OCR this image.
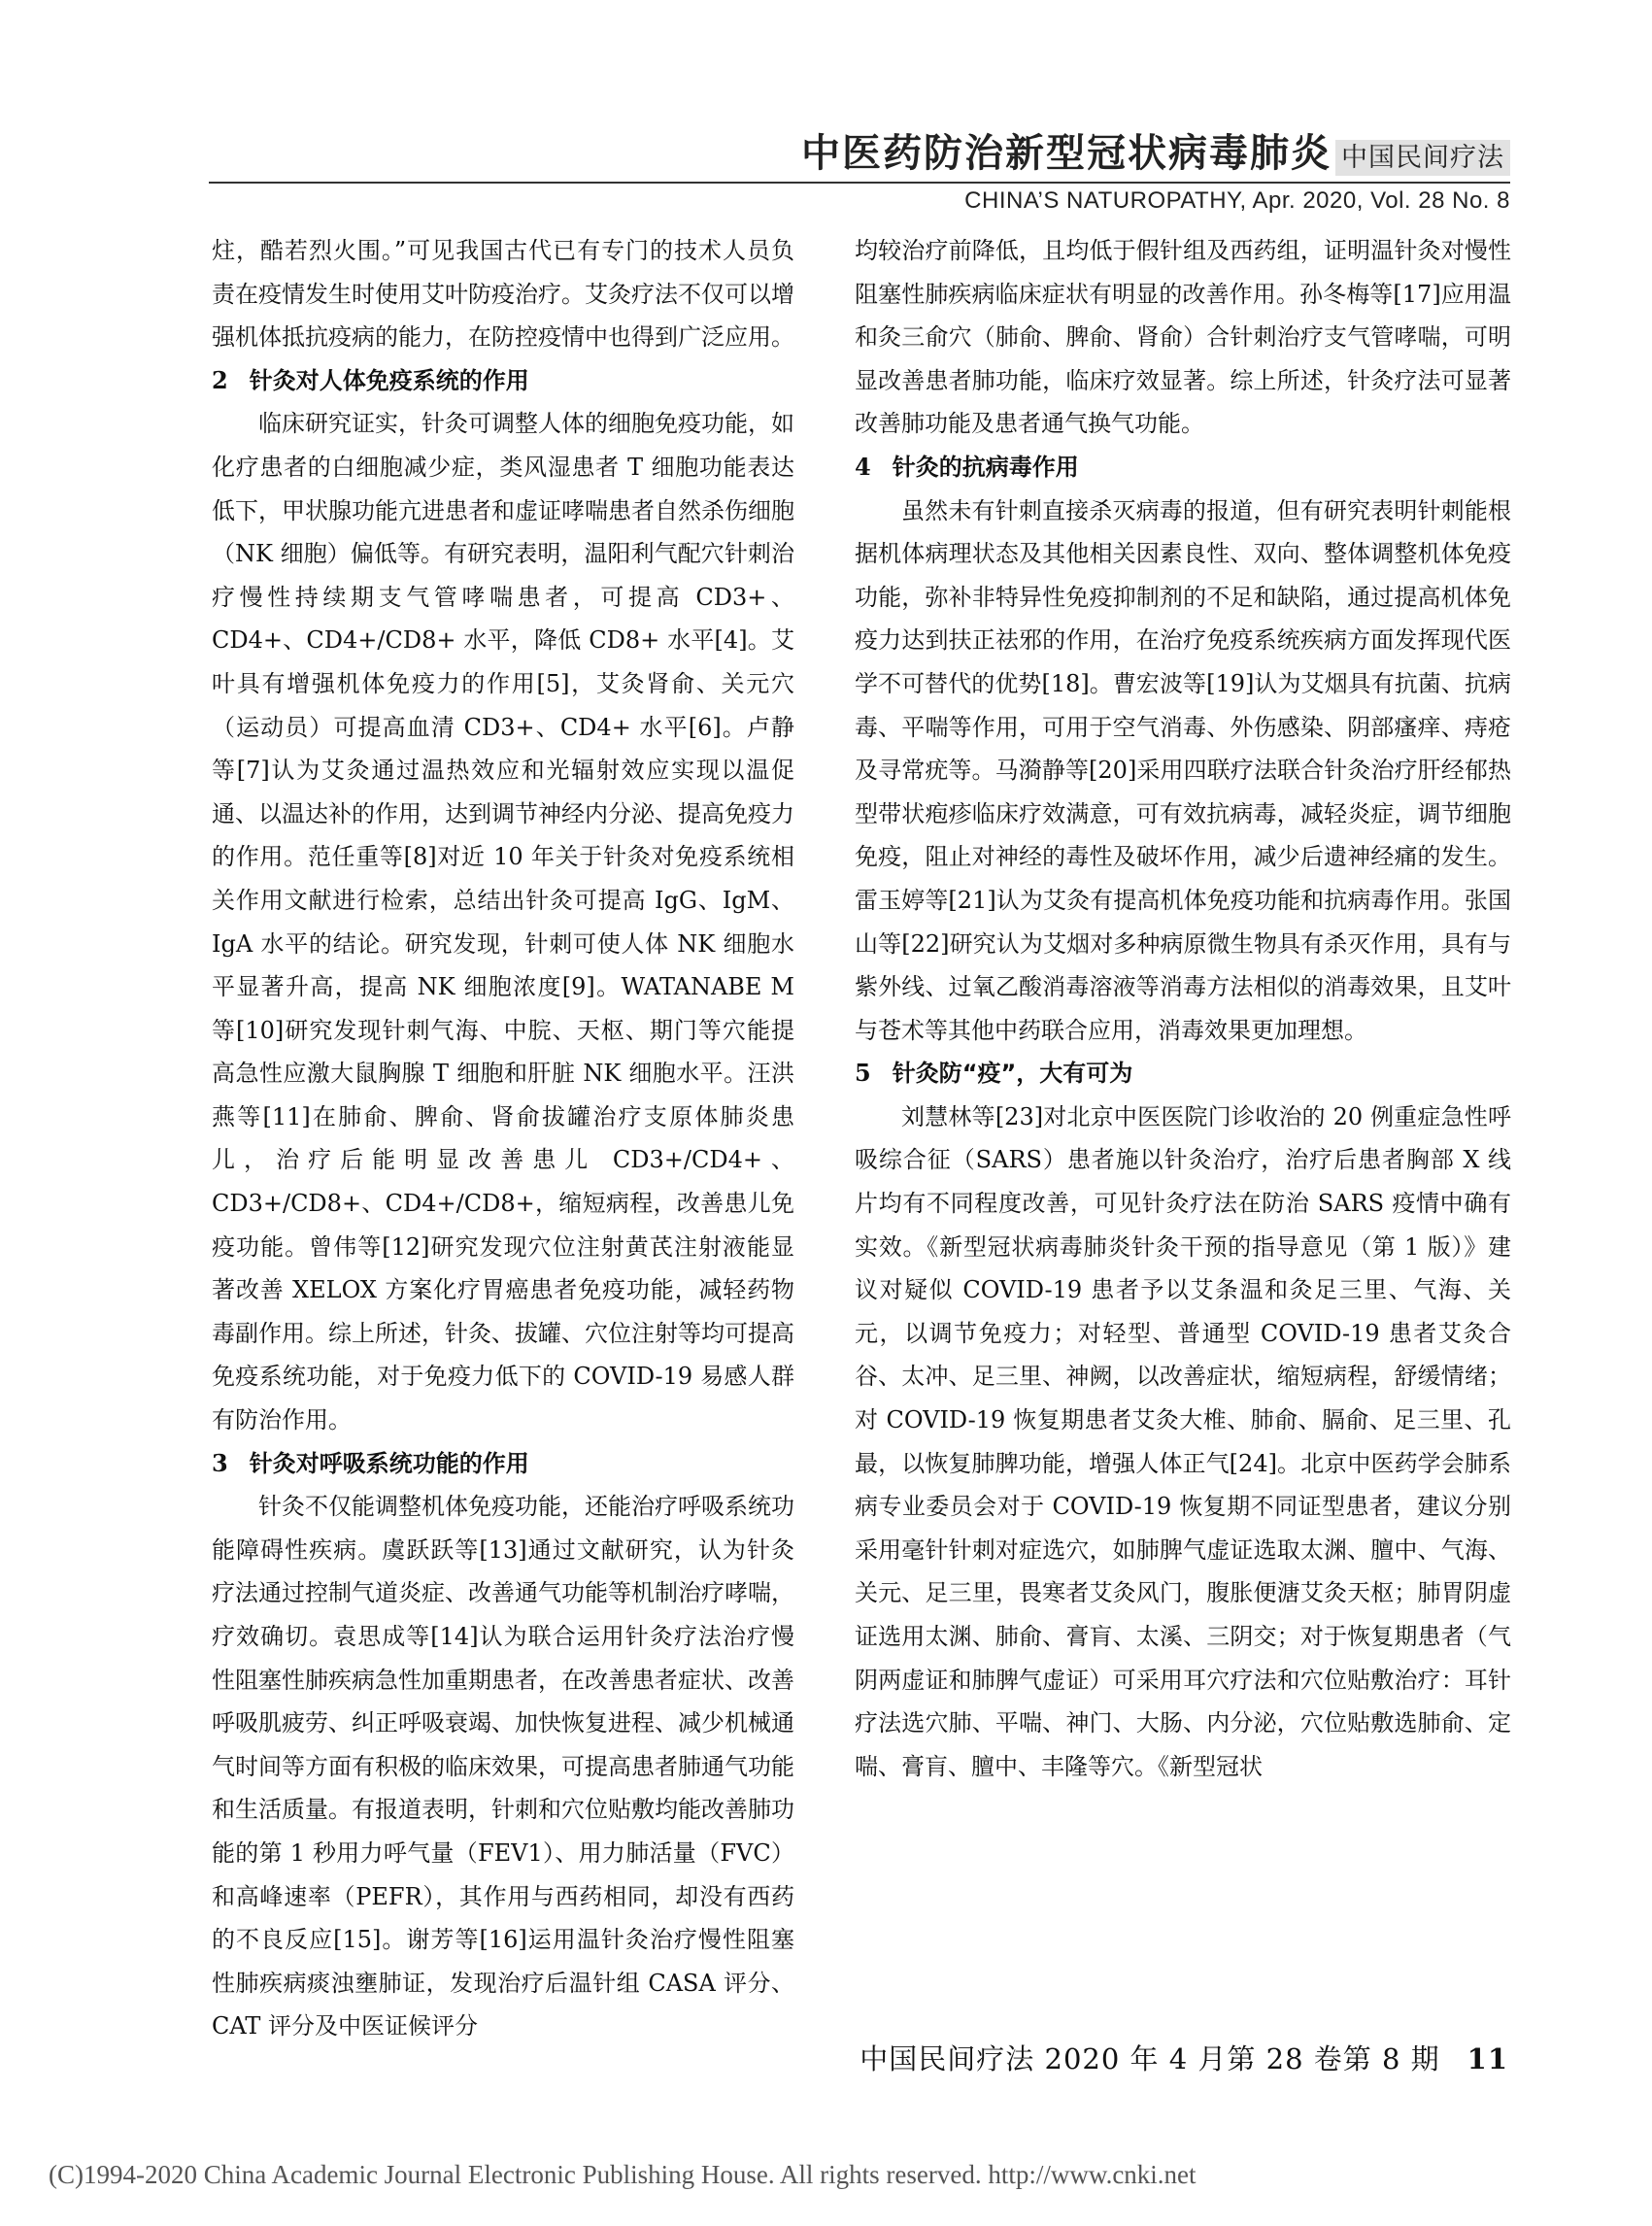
中医药防治新型冠状病毒肺炎 中国民间疗法
CHINA’S NATUROPATHY, Apr. 2020, Vol. 28 No. 8

炷，酷若烈火围。”可见我国古代已有专门的技术人员负责在疫情发生时使用艾叶防疫治疗。艾灸疗法不仅可以增强机体抵抗疫病的能力，在防控疫情中也得到广泛应用。

2 针灸对人体免疫系统的作用

临床研究证实，针灸可调整人体的细胞免疫功能，如化疗患者的白细胞减少症，类风湿患者 T 细胞功能表达低下，甲状腺功能亢进患者和虚证哮喘患者自然杀伤细胞（NK 细胞）偏低等。有研究表明，温阳利气配穴针刺治疗慢性持续期支气管哮喘患者，可提高 CD3+、CD4+、CD4+/CD8+ 水平，降低 CD8+ 水平[4]。艾叶具有增强机体免疫力的作用[5]，艾灸肾俞、关元穴（运动员）可提高血清 CD3+、CD4+ 水平[6]。卢静等[7]认为艾灸通过温热效应和光辐射效应实现以温促通、以温达补的作用，达到调节神经内分泌、提高免疫力的作用。范任重等[8]对近 10 年关于针灸对免疫系统相关作用文献进行检索，总结出针灸可提高 IgG、IgM、IgA 水平的结论。研究发现，针刺可使人体 NK 细胞水平显著升高，提高 NK 细胞浓度[9]。WATANABE M 等[10]研究发现针刺气海、中脘、天枢、期门等穴能提高急性应激大鼠胸腺 T 细胞和肝脏 NK 细胞水平。汪洪燕等[11]在肺俞、脾俞、肾俞拔罐治疗支原体肺炎患儿，治疗后能明显改善患儿 CD3+/CD4+、CD3+/CD8+、CD4+/CD8+，缩短病程，改善患儿免疫功能。曾伟等[12]研究发现穴位注射黄芪注射液能显著改善 XELOX 方案化疗胃癌患者免疫功能，减轻药物毒副作用。综上所述，针灸、拔罐、穴位注射等均可提高免疫系统功能，对于免疫力低下的 COVID-19 易感人群有防治作用。

3 针灸对呼吸系统功能的作用

针灸不仅能调整机体免疫功能，还能治疗呼吸系统功能障碍性疾病。虞跃跃等[13]通过文献研究，认为针灸疗法通过控制气道炎症、改善通气功能等机制治疗哮喘，疗效确切。袁思成等[14]认为联合运用针灸疗法治疗慢性阻塞性肺疾病急性加重期患者，在改善患者症状、改善呼吸肌疲劳、纠正呼吸衰竭、加快恢复进程、减少机械通气时间等方面有积极的临床效果，可提高患者肺通气功能和生活质量。有报道表明，针刺和穴位贴敷均能改善肺功能的第 1 秒用力呼气量（FEV1）、用力肺活量（FVC）和高峰速率（PEFR），其作用与西药相同，却没有西药的不良反应[15]。谢芳等[16]运用温针灸治疗慢性阻塞性肺疾病痰浊壅肺证，发现治疗后温针组 CASA 评分、CAT 评分及中医证候评分

均较治疗前降低，且均低于假针组及西药组，证明温针灸对慢性阻塞性肺疾病临床症状有明显的改善作用。孙冬梅等[17]应用温和灸三俞穴（肺俞、脾俞、肾俞）合针刺治疗支气管哮喘，可明显改善患者肺功能，临床疗效显著。综上所述，针灸疗法可显著改善肺功能及患者通气换气功能。

4 针灸的抗病毒作用

虽然未有针刺直接杀灭病毒的报道，但有研究表明针刺能根据机体病理状态及其他相关因素良性、双向、整体调整机体免疫功能，弥补非特异性免疫抑制剂的不足和缺陷，通过提高机体免疫力达到扶正祛邪的作用，在治疗免疫系统疾病方面发挥现代医学不可替代的优势[18]。曹宏波等[19]认为艾烟具有抗菌、抗病毒、平喘等作用，可用于空气消毒、外伤感染、阴部瘙痒、痔疮及寻常疣等。马漪静等[20]采用四联疗法联合针灸治疗肝经郁热型带状疱疹临床疗效满意，可有效抗病毒，减轻炎症，调节细胞免疫，阻止对神经的毒性及破坏作用，减少后遗神经痛的发生。雷玉婷等[21]认为艾灸有提高机体免疫功能和抗病毒作用。张国山等[22]研究认为艾烟对多种病原微生物具有杀灭作用，具有与紫外线、过氧乙酸消毒溶液等消毒方法相似的消毒效果，且艾叶与苍术等其他中药联合应用，消毒效果更加理想。

5 针灸防“疫”，大有可为

刘慧林等[23]对北京中医医院门诊收治的 20 例重症急性呼吸综合征（SARS）患者施以针灸治疗，治疗后患者胸部 X 线片均有不同程度改善，可见针灸疗法在防治 SARS 疫情中确有实效。《新型冠状病毒肺炎针灸干预的指导意见（第 1 版）》建议对疑似 COVID-19 患者予以艾条温和灸足三里、气海、关元，以调节免疫力；对轻型、普通型 COVID-19 患者艾灸合谷、太冲、足三里、神阙，以改善症状，缩短病程，舒缓情绪；对 COVID-19 恢复期患者艾灸大椎、肺俞、膈俞、足三里、孔最，以恢复肺脾功能，增强人体正气[24]。北京中医药学会肺系病专业委员会对于 COVID-19 恢复期不同证型患者，建议分别采用毫针针刺对症选穴，如肺脾气虚证选取太渊、膻中、气海、关元、足三里，畏寒者艾灸风门，腹胀便溏艾灸天枢；肺胃阴虚证选用太渊、肺俞、膏肓、太溪、三阴交；对于恢复期患者（气阴两虚证和肺脾气虚证）可采用耳穴疗法和穴位贴敷治疗：耳针疗法选穴肺、平喘、神门、大肠、内分泌，穴位贴敷选肺俞、定喘、膏肓、膻中、丰隆等穴。《新型冠状

中国民间疗法 2020 年 4 月第 28 卷第 8 期 11
(C)1994-2020 China Academic Journal Electronic Publishing House. All rights reserved. http://www.cnki.net
